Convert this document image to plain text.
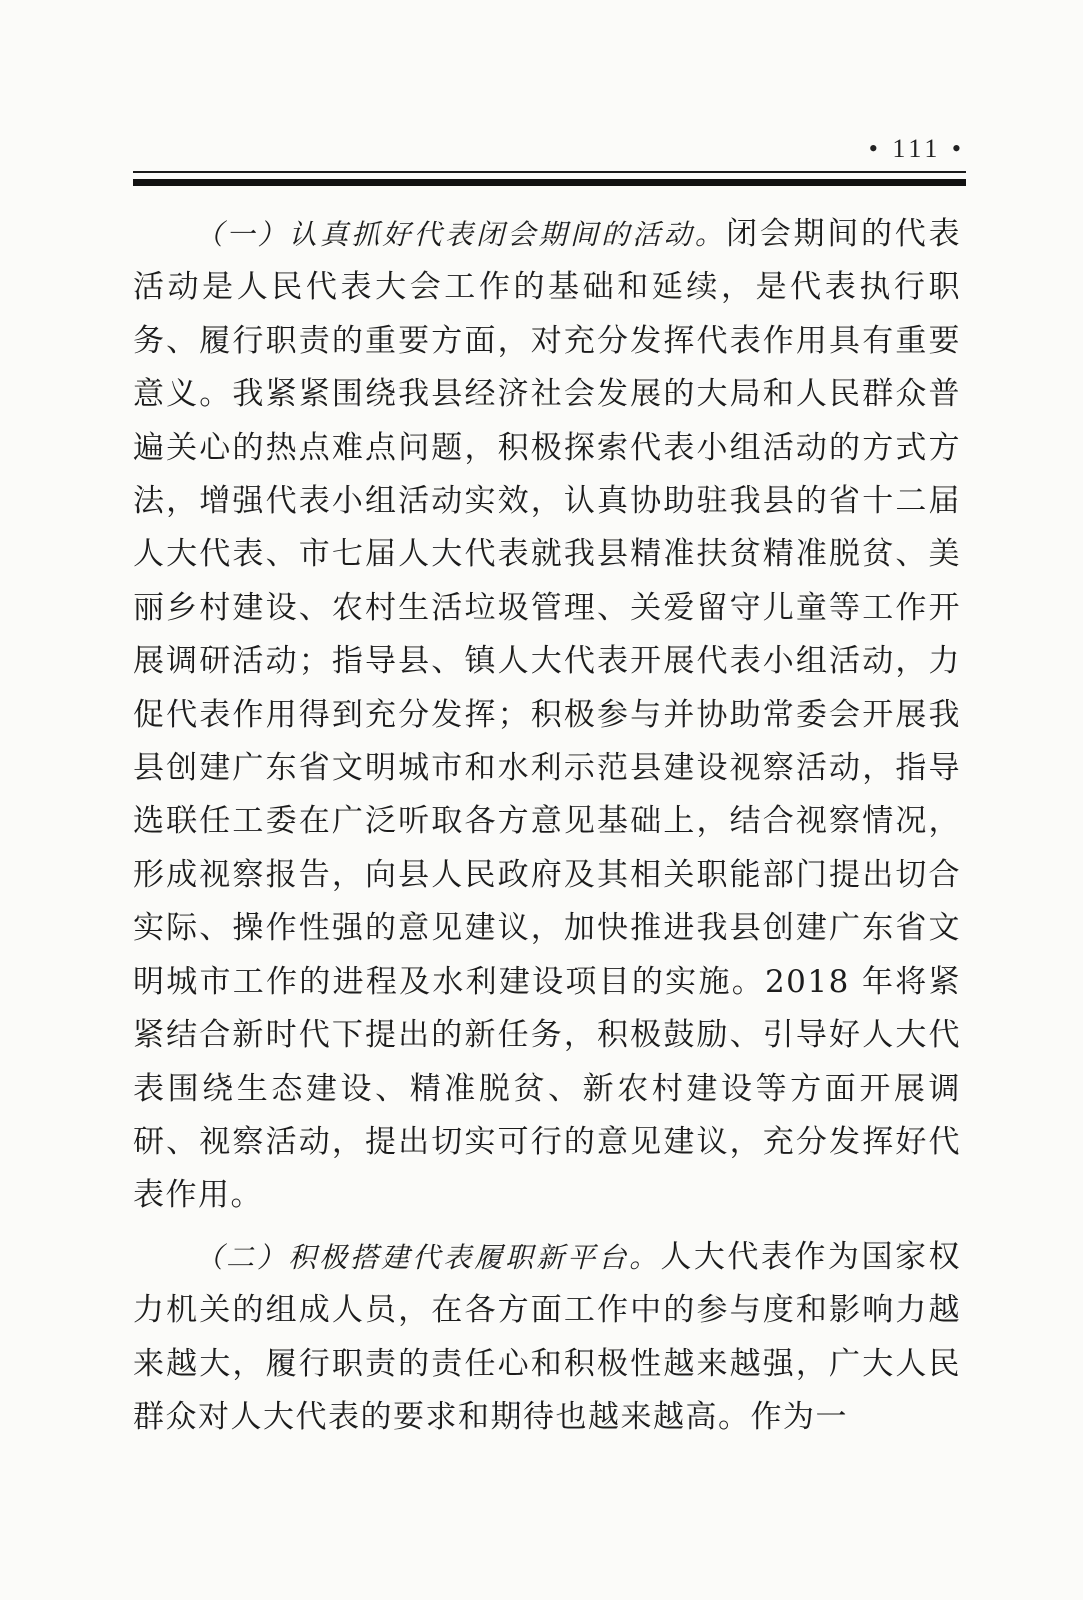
• 111 •

（一）认真抓好代表闭会期间的活动。闭会期间的代表活动是人民代表大会工作的基础和延续，是代表执行职务、履行职责的重要方面，对充分发挥代表作用具有重要意义。我紧紧围绕我县经济社会发展的大局和人民群众普遍关心的热点难点问题，积极探索代表小组活动的方式方法，增强代表小组活动实效，认真协助驻我县的省十二届人大代表、市七届人大代表就我县精准扶贫精准脱贫、美丽乡村建设、农村生活垃圾管理、关爱留守儿童等工作开展调研活动；指导县、镇人大代表开展代表小组活动，力促代表作用得到充分发挥；积极参与并协助常委会开展我县创建广东省文明城市和水利示范县建设视察活动，指导选联任工委在广泛听取各方意见基础上，结合视察情况，形成视察报告，向县人民政府及其相关职能部门提出切合实际、操作性强的意见建议，加快推进我县创建广东省文明城市工作的进程及水利建设项目的实施。2018 年将紧紧结合新时代下提出的新任务，积极鼓励、引导好人大代表围绕生态建设、精准脱贫、新农村建设等方面开展调研、视察活动，提出切实可行的意见建议，充分发挥好代表作用。

（二）积极搭建代表履职新平台。人大代表作为国家权力机关的组成人员，在各方面工作中的参与度和影响力越来越大，履行职责的责任心和积极性越来越强，广大人民群众对人大代表的要求和期待也越来越高。作为一
